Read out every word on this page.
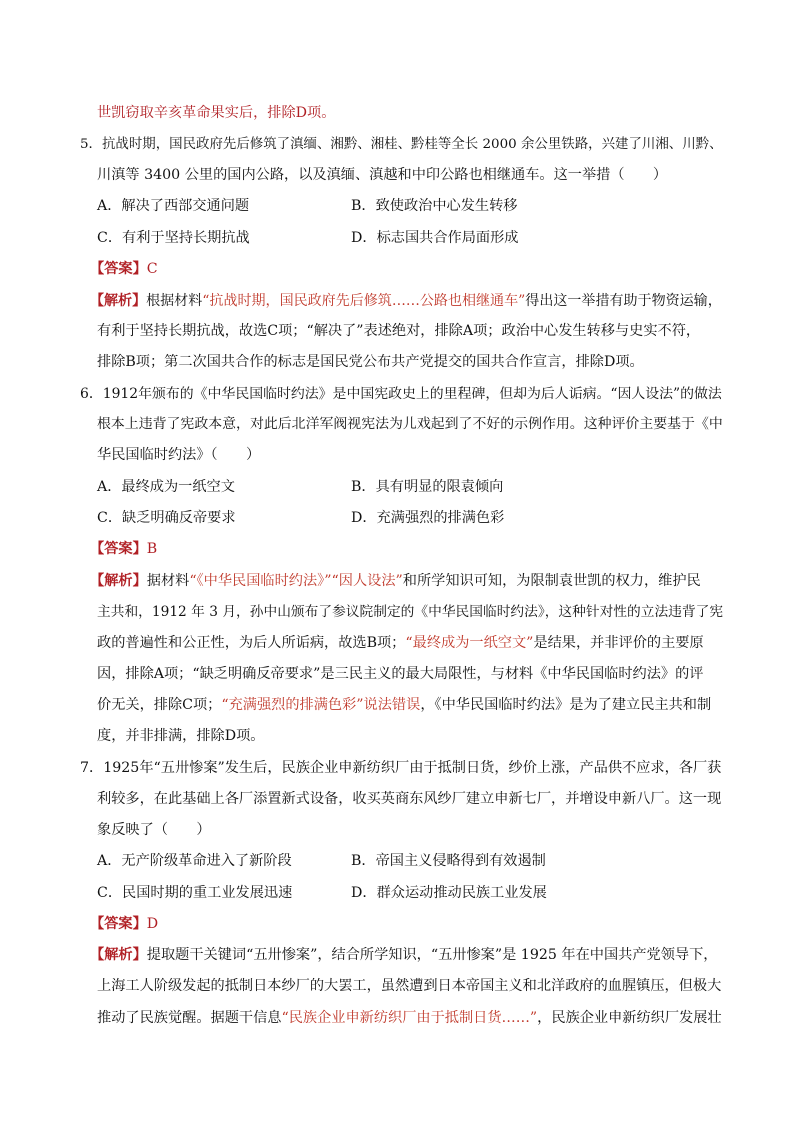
世凯窃取辛亥革命果实后，排除D项。
5．抗战时期，国民政府先后修筑了滇缅、湘黔、湘桂、黔桂等全长 2000 余公里铁路，兴建了川湘、川黔、
川滇等 3400 公里的国内公路，以及滇缅、滇越和中印公路也相继通车。这一举措（　　）
A．解决了西部交通问题	B．致使政治中心发生转移
C．有利于坚持长期抗战	D．标志国共合作局面形成
【答案】C
【解析】根据材料“抗战时期，国民政府先后修筑……公路也相继通车”得出这一举措有助于物资运输，
有利于坚持长期抗战，故选C项；“解决了”表述绝对，排除A项；政治中心发生转移与史实不符，
排除B项；第二次国共合作的标志是国民党公布共产党提交的国共合作宣言，排除D项。
6．1912年颁布的《中华民国临时约法》是中国宪政史上的里程碑，但却为后人诟病。“因人设法”的做法
根本上违背了宪政本意，对此后北洋军阀视宪法为儿戏起到了不好的示例作用。这种评价主要基于《中
华民国临时约法》（　　）
A．最终成为一纸空文	B．具有明显的限袁倾向
C．缺乏明确反帝要求	D．充满强烈的排满色彩
【答案】B
【解析】据材料“《中华民国临时约法》”“因人设法”和所学知识可知，为限制袁世凯的权力，维护民
主共和，1912 年 3 月，孙中山颁布了参议院制定的《中华民国临时约法》，这种针对性的立法违背了宪
政的普遍性和公正性，为后人所诟病，故选B项；“最终成为一纸空文”是结果，并非评价的主要原
因，排除A项；“缺乏明确反帝要求”是三民主义的最大局限性，与材料《中华民国临时约法》的评
价无关，排除C项；“充满强烈的排满色彩”说法错误，《中华民国临时约法》是为了建立民主共和制
度，并非排满，排除D项。
7．1925年“五卅惨案”发生后，民族企业申新纺织厂由于抵制日货，纱价上涨，产品供不应求，各厂获
利较多，在此基础上各厂添置新式设备，收买英商东风纱厂建立申新七厂，并增设申新八厂。这一现
象反映了（　　）
A．无产阶级革命进入了新阶段	B．帝国主义侵略得到有效遏制
C．民国时期的重工业发展迅速	D．群众运动推动民族工业发展
【答案】D
【解析】提取题干关键词“五卅惨案”，结合所学知识，“五卅惨案”是 1925 年在中国共产党领导下，
上海工人阶级发起的抵制日本纱厂的大罢工，虽然遭到日本帝国主义和北洋政府的血腥镇压，但极大
推动了民族觉醒。据题干信息“民族企业申新纺织厂由于抵制日货……”，民族企业申新纺织厂发展壮
